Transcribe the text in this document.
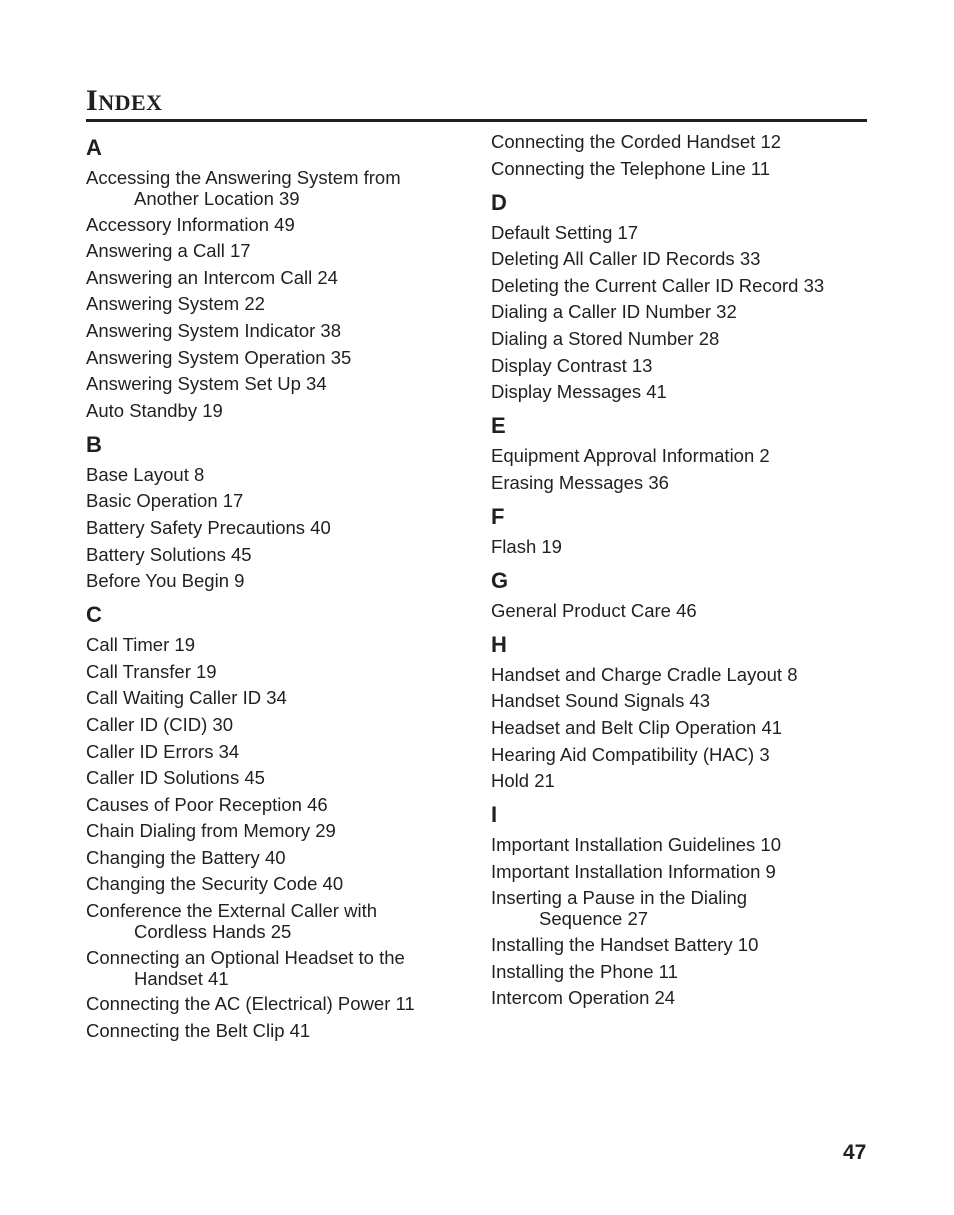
INDEX
A
Accessing the Answering System from
Another Location 39
Accessory Information 49
Answering a Call 17
Answering an Intercom Call 24
Answering System 22
Answering System Indicator 38
Answering System Operation 35
Answering System Set Up 34
Auto Standby 19
B
Base Layout 8
Basic Operation 17
Battery Safety Precautions 40
Battery Solutions 45
Before You Begin 9
C
Call Timer 19
Call Transfer 19
Call Waiting Caller ID 34
Caller ID (CID) 30
Caller ID Errors 34
Caller ID Solutions 45
Causes of Poor Reception 46
Chain Dialing from Memory 29
Changing the Battery 40
Changing the Security Code 40
Conference the External Caller with
Cordless Hands 25
Connecting an Optional Headset to the
Handset 41
Connecting the AC (Electrical) Power 11
Connecting the Belt Clip 41
Connecting the Corded Handset 12
Connecting the Telephone Line 11
D
Default Setting 17
Deleting All Caller ID Records 33
Deleting the Current Caller ID Record 33
Dialing a Caller ID Number 32
Dialing a Stored Number 28
Display Contrast 13
Display Messages 41
E
Equipment Approval Information 2
Erasing Messages 36
F
Flash 19
G
General Product Care 46
H
Handset and Charge Cradle Layout 8
Handset Sound Signals 43
Headset and Belt Clip Operation 41
Hearing Aid Compatibility (HAC) 3
Hold 21
I
Important Installation Guidelines 10
Important Installation Information 9
Inserting a Pause in the Dialing
Sequence 27
Installing the Handset Battery 10
Installing the Phone 11
Intercom Operation 24
47
